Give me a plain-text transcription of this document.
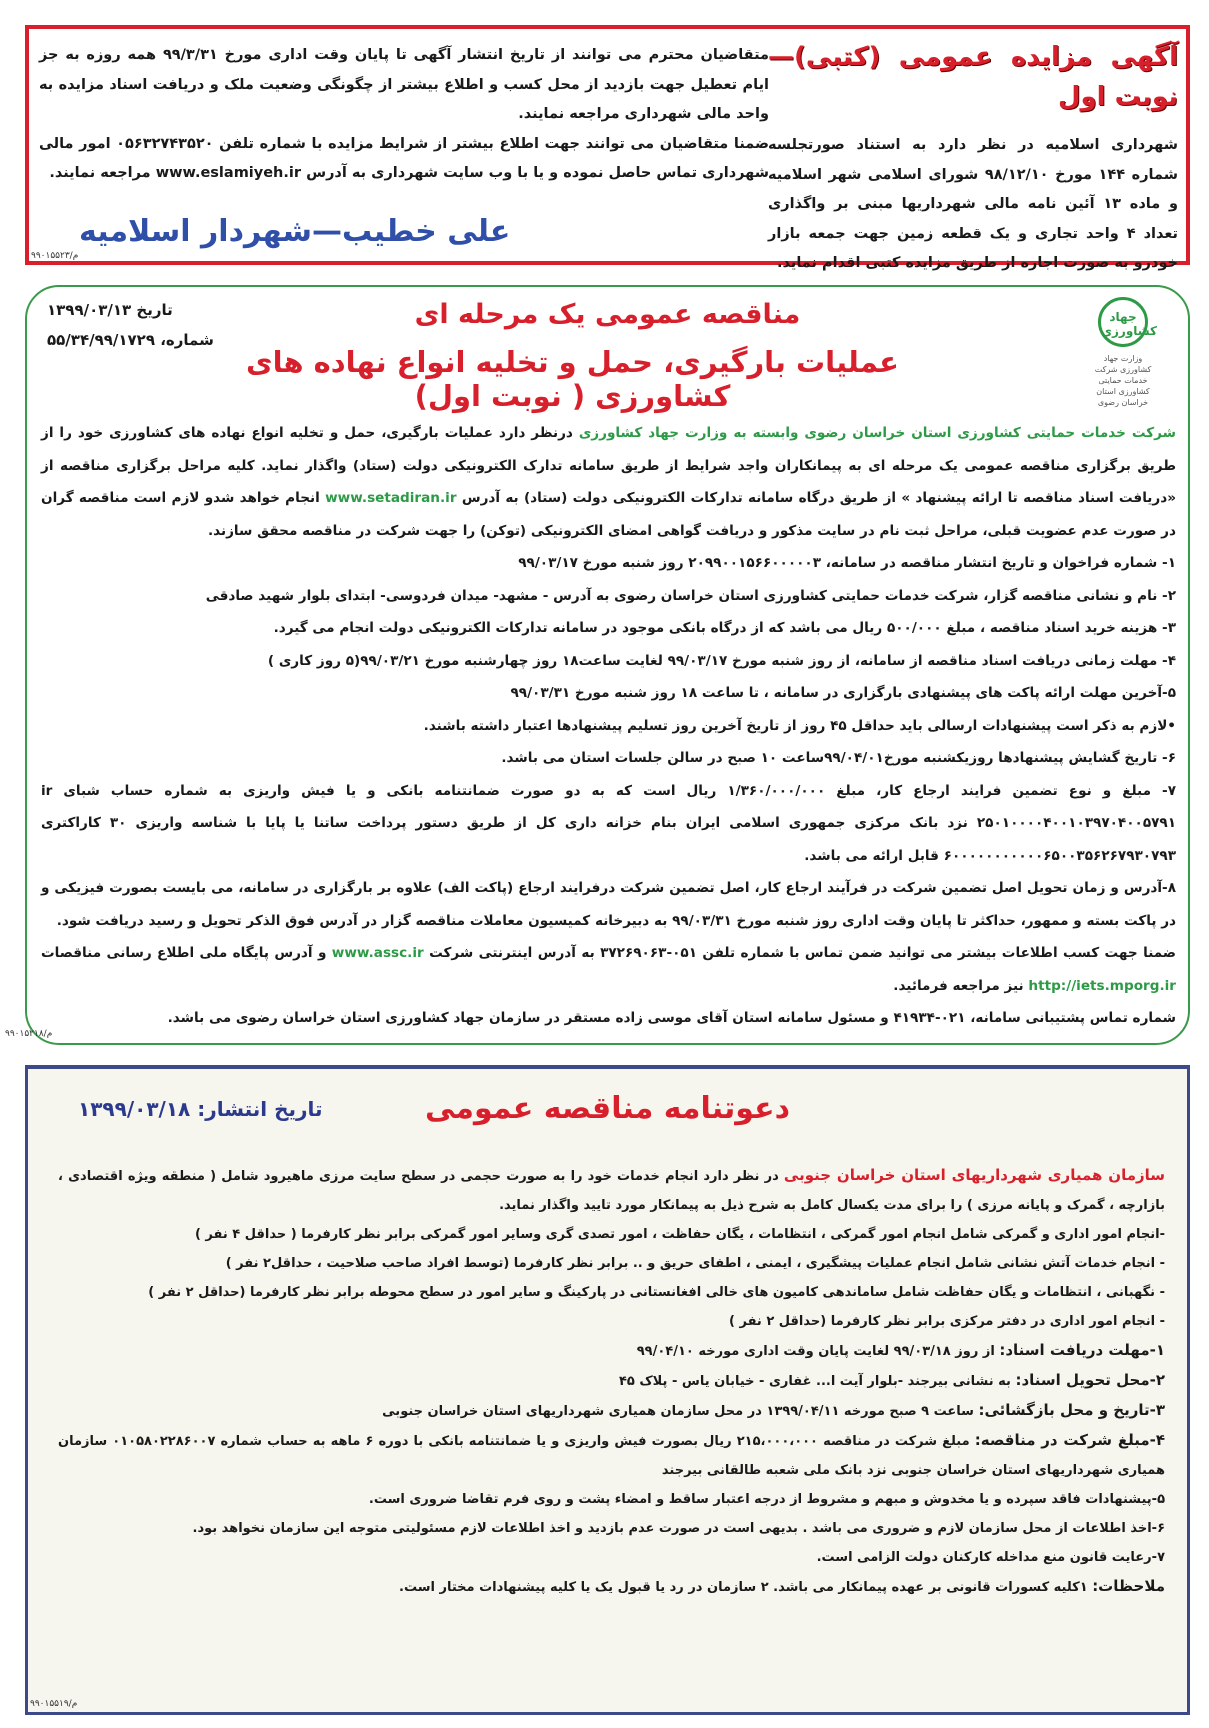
آگهی مزایده عمومی (کتبی)—نوبت اول
شهرداری اسلامیه در نظر دارد به استناد صورتجلسه شماره ۱۴۴ مورخ ۹۸/۱۲/۱۰ شورای اسلامی شهر اسلامیه و ماده ۱۳ آئین نامه مالی شهرداریها مبنی بر واگذاری تعداد ۴ واحد تجاری و یک قطعه زمین جهت جمعه بازار خودرو به صورت اجاره از طریق مزایده کتبی اقدام نماید.
متقاضیان محترم می توانند از تاریخ انتشار آگهی تا پایان وقت اداری مورخ ۹۹/۳/۳۱ همه روزه به جز ایام تعطیل جهت بازدید از محل کسب و اطلاع بیشتر از چگونگی وضعیت ملک و دریافت اسناد مزایده به واحد مالی شهرداری مراجعه نمایند.
ضمنا متقاضیان می توانند جهت اطلاع بیشتر از شرایط مزایده با شماره تلفن ۰۵۶۳۲۷۴۳۵۲۰ امور مالی شهرداری تماس حاصل نموده و یا با وب سایت شهرداری به آدرس www.eslamiyeh.ir مراجعه نمایند.
علی خطیب—شهردار اسلامیه
م/۹۹۰۱۵۵۲۳
جهاد کشاورزی
وزارت جهاد کشاورزی شرکت خدمات حمایتی کشاورزی استان خراسان رضوی
مناقصه عمومی یک مرحله ای
عملیات بارگیری، حمل و تخلیه انواع نهاده های کشاورزی ( نوبت اول)
تاریخ ۱۳۹۹/۰۳/۱۳
شماره، ۵۵/۳۴/۹۹/۱۷۲۹
شرکت خدمات حمایتی کشاورزی استان خراسان رضوی وابسته به وزارت جهاد کشاورزی درنظر دارد عملیات بارگیری، حمل و تخلیه انواع نهاده های کشاورزی خود را از طریق برگزاری مناقصه عمومی یک مرحله ای به پیمانکاران واجد شرایط از طریق سامانه تدارک الکترونیکی دولت (ستاد) واگذار نماید. کلیه مراحل برگزاری مناقصه از «دریافت اسناد مناقصه تا ارائه پیشنهاد » از طریق درگاه سامانه تدارکات الکترونیکی دولت (ستاد) به آدرس www.setadiran.ir انجام خواهد شدو لازم است مناقصه گران در صورت عدم عضویت قبلی، مراحل ثبت نام در سایت مذکور و دریافت گواهی امضای الکترونیکی (توکن) را جهت شرکت در مناقصه محقق سازند.
۱- شماره فراخوان و تاریخ انتشار مناقصه در سامانه، ۲۰۹۹۰۰۱۵۶۶۰۰۰۰۰۳ روز شنبه مورخ ۹۹/۰۳/۱۷
۲- نام و نشانی مناقصه گزار، شرکت خدمات حمایتی کشاورزی استان خراسان رضوی به آدرس - مشهد- میدان فردوسی- ابتدای بلوار شهید صادقی
۳- هزینه خرید اسناد مناقصه ، مبلغ ۵۰۰/۰۰۰ ریال می باشد که از درگاه بانکی موجود در سامانه تدارکات الکترونیکی دولت انجام می گیرد.
۴- مهلت زمانی دریافت اسناد مناقصه از سامانه، از روز شنبه مورخ ۹۹/۰۳/۱۷ لغایت ساعت۱۸ روز چهارشنبه مورخ ۹۹/۰۳/۲۱(۵ روز کاری )
۵-آخرین مهلت ارائه پاکت های پیشنهادی بارگزاری در سامانه ، تا ساعت ۱۸ روز شنبه مورخ ۹۹/۰۳/۳۱
•لازم به ذکر است پیشنهادات ارسالی باید حداقل ۴۵ روز از تاریخ آخرین روز تسلیم پیشنهادها اعتبار داشته باشند.
۶- تاریخ گشایش پیشنهادها روزیکشنبه مورخ۹۹/۰۴/۰۱ساعت ۱۰ صبح در سالن جلسات استان می باشد.
۷- مبلغ و نوع تضمین فرایند ارجاع کار، مبلغ ۱/۳۶۰/۰۰۰/۰۰۰ ریال است که به دو صورت ضمانتنامه بانکی و یا فیش واریزی به شماره حساب شبای ir ۲۵۰۱۰۰۰۰۴۰۰۱۰۳۹۷۰۴۰۰۵۷۹۱ نزد بانک مرکزی جمهوری اسلامی ایران بنام خزانه داری کل از طریق دستور پرداخت ساتنا یا پایا با شناسه واریزی ۳۰ کاراکتری ۶۰۰۰۰۰۰۰۰۰۰۰۶۵۰۰۳۵۶۲۶۷۹۳۰۷۹۳ قابل ارائه می باشد.
۸-آدرس و زمان تحویل اصل تضمین شرکت در فرآیند ارجاع کار، اصل تضمین شرکت درفرایند ارجاع (پاکت الف) علاوه بر بارگزاری در سامانه، می بایست بصورت فیزیکی و در پاکت بسته و ممهور، حداکثر تا پایان وقت اداری روز شنبه مورخ ۹۹/۰۳/۳۱ به دبیرخانه کمیسیون معاملات مناقصه گزار در آدرس فوق الذکر تحویل و رسید دریافت شود.
ضمنا جهت کسب اطلاعات بیشتر می توانید ضمن تماس با شماره تلفن ۰۵۱-۳۷۲۶۹۰۶۳ به آدرس اینترنتی شرکت www.assc.ir و آدرس پایگاه ملی اطلاع رسانی مناقصات http://iets.mporg.ir نیز مراجعه فرمائید.
شماره تماس پشتیبانی سامانه، ۰۲۱-۴۱۹۳۴ و مسئول سامانه استان آقای موسی زاده مستقر در سازمان جهاد کشاورزی استان خراسان رضوی می باشد.
م/۹۹۰۱۵۲۱۸
دعوتنامه مناقصه عمومی
تاریخ انتشار: ۱۳۹۹/۰۳/۱۸
سازمان همیاری شهرداریهای استان خراسان جنوبی در نظر دارد انجام خدمات خود را به صورت حجمی در سطح سایت مرزی ماهیرود شامل ( منطقه ویژه اقتصادی ، بازارچه ، گمرک و پایانه مرزی ) را برای مدت یکسال کامل به شرح ذیل به پیمانکار مورد تایید واگذار نماید.
-انجام امور اداری و گمرکی شامل انجام امور گمرکی ، انتظامات ، یگان حفاظت ، امور تصدی گری وسایر امور گمرکی برابر نظر کارفرما ( حداقل ۴ نفر )
- انجام خدمات آتش نشانی شامل انجام عملیات پیشگیری ، ایمنی ، اطفای حریق و .. برابر نظر کارفرما (توسط افراد صاحب صلاحیت ، حداقل۲ نفر )
- نگهبانی ، انتظامات و یگان حفاظت شامل ساماندهی کامیون های خالی افغانستانی در پارکینگ و سایر امور در سطح محوطه برابر نظر کارفرما (حداقل ۲ نفر )
- انجام امور اداری در دفتر مرکزی برابر نظر کارفرما (حداقل ۲ نفر )
۱-مهلت دریافت اسناد: از روز ۹۹/۰۳/۱۸ لغایت پایان وقت اداری مورخه ۹۹/۰۴/۱۰
۲-محل تحویل اسناد: به نشانی بیرجند -بلوار آیت ا... غفاری - خیابان یاس - پلاک ۴۵
۳-تاریخ و محل بازگشائی: ساعت ۹ صبح مورخه ۱۳۹۹/۰۴/۱۱ در محل سازمان همیاری شهرداریهای استان خراسان جنوبی
۴-مبلغ شرکت در مناقصه: مبلغ شرکت در مناقصه ۲۱۵،۰۰۰،۰۰۰ ریال بصورت فیش واریزی و یا ضمانتنامه بانکی با دوره ۶ ماهه به حساب شماره ۰۱۰۵۸۰۲۲۸۶۰۰۷ سازمان همیاری شهرداریهای استان خراسان جنوبی نزد بانک ملی شعبه طالقانی بیرجند
۵-پیشنهادات فاقد سپرده و یا مخدوش و مبهم و مشروط از درجه اعتبار ساقط و امضاء پشت و روی فرم تقاضا ضروری است.
۶-اخذ اطلاعات از محل سازمان لازم و ضروری می باشد . بدیهی است در صورت عدم بازدید و اخذ اطلاعات لازم مسئولیتی متوجه این سازمان نخواهد بود.
۷-رعایت قانون منع مداخله کارکنان دولت الزامی است.
ملاحظات: ۱کلیه کسورات قانونی بر عهده پیمانکار می باشد. ۲ سازمان در رد یا قبول یک یا کلیه پیشنهادات مختار است.
م/۹۹۰۱۵۵۱۹
